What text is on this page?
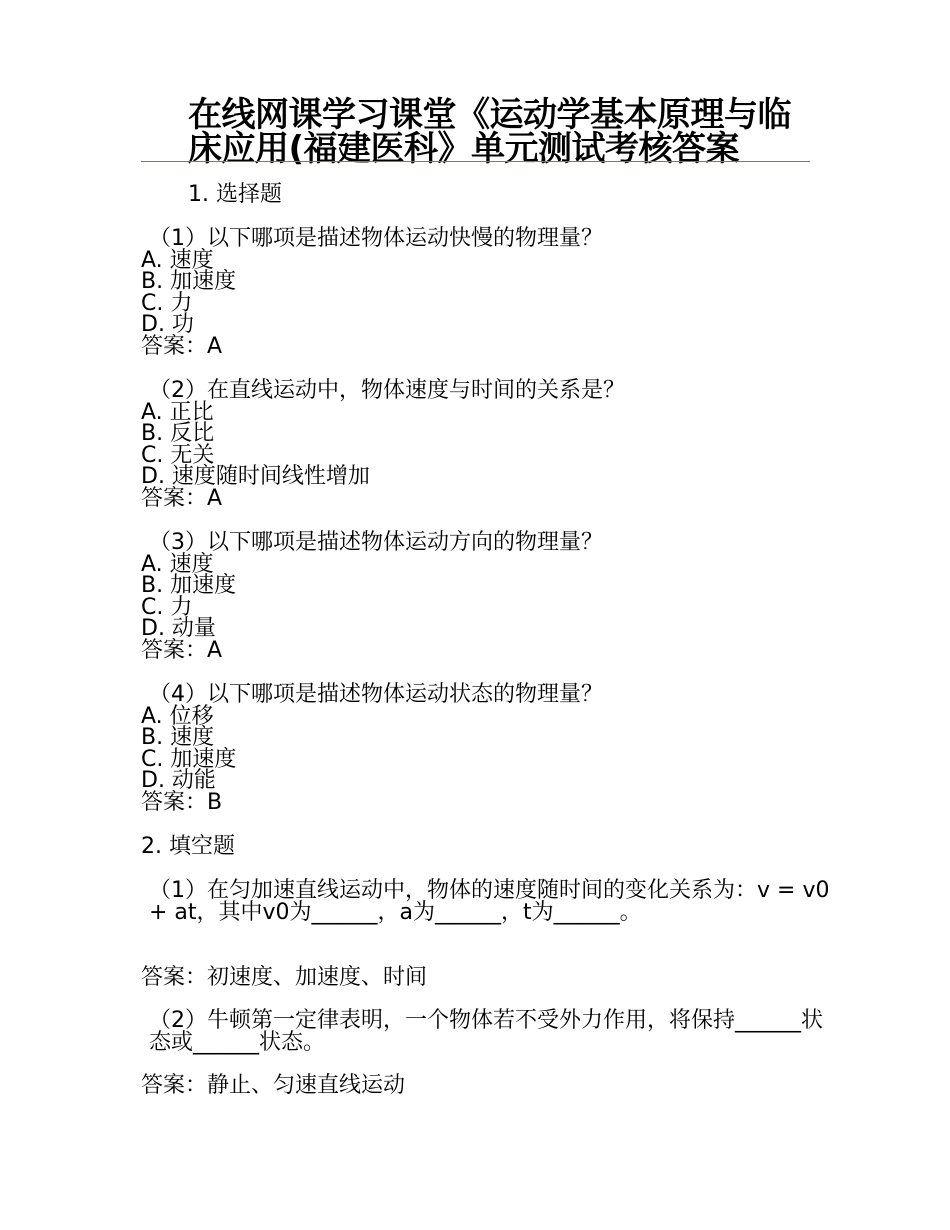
在线网课学习课堂《运动学基本原理与临
床应用(福建医科》单元测试考核答案
1. 选择题
（1）以下哪项是描述物体运动快慢的物理量？
A. 速度
B. 加速度
C. 力
D. 功
答案：A
（2）在直线运动中，物体速度与时间的关系是？
A. 正比
B. 反比
C. 无关
D. 速度随时间线性增加
答案：A
（3）以下哪项是描述物体运动方向的物理量？
A. 速度
B. 加速度
C. 力
D. 动量
答案：A
（4）以下哪项是描述物体运动状态的物理量？
A. 位移
B. 速度
C. 加速度
D. 动能
答案：B
2. 填空题
（1）在匀加速直线运动中，物体的速度随时间的变化关系为：v = v0 + at，其中v0为______，a为______，t为______。
答案：初速度、加速度、时间
（2）牛顿第一定律表明，一个物体若不受外力作用，将保持______状态或______状态。
答案：静止、匀速直线运动
